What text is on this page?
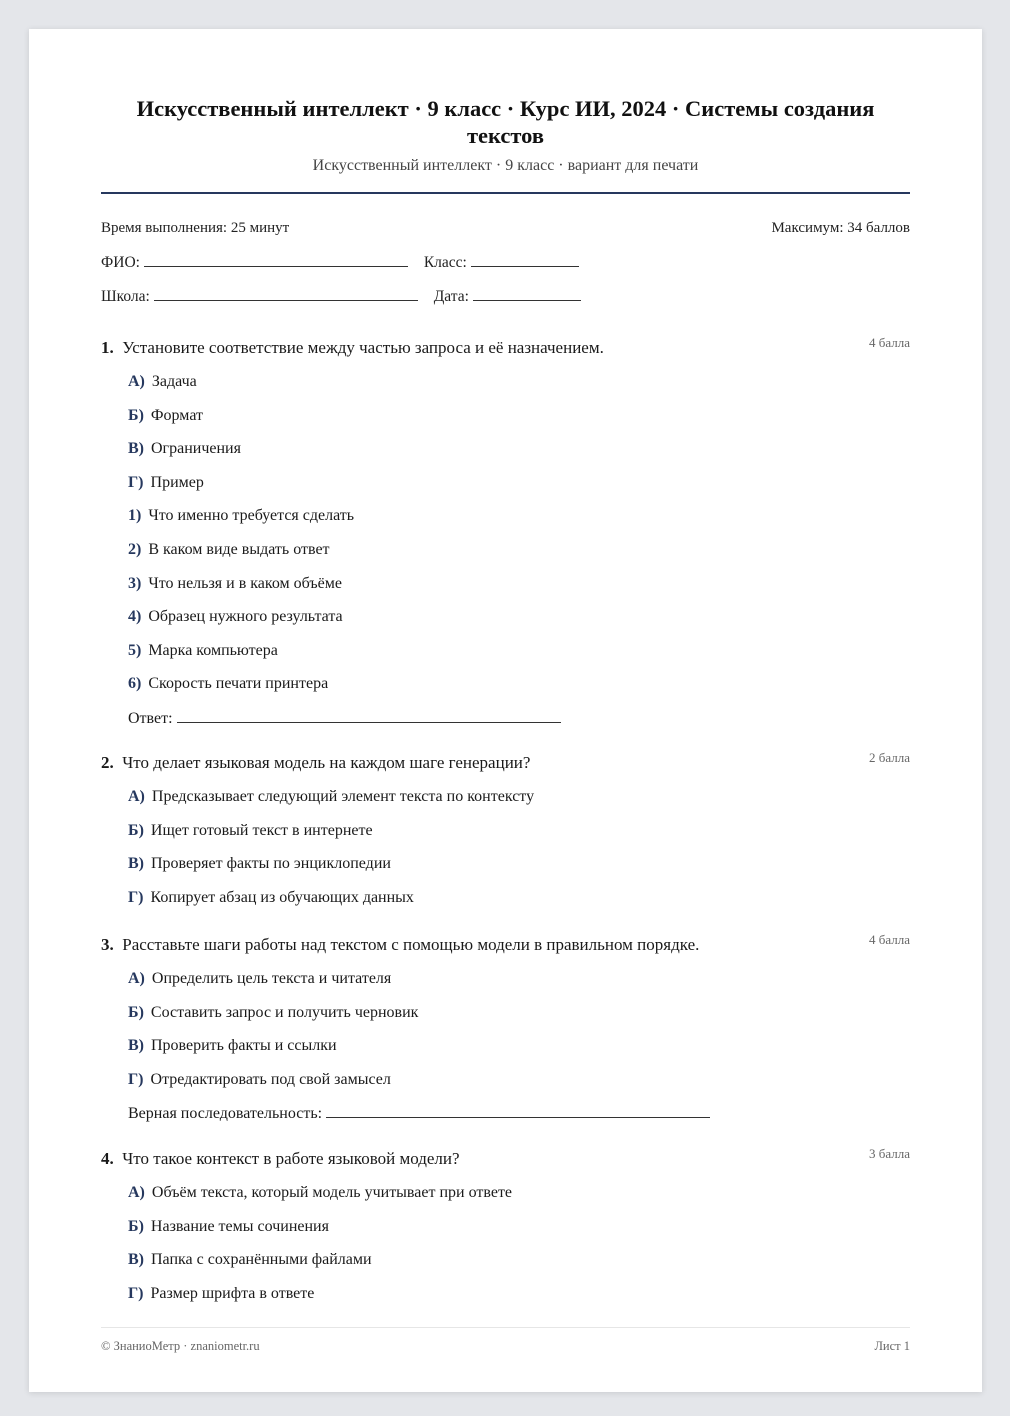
Искусственный интеллект · 9 класс · Курс ИИ, 2024 · Системы создания текстов
Искусственный интеллект · 9 класс · вариант для печати
Время выполнения: 25 минут	Максимум: 34 баллов
ФИО:	Класс:
Школа:	Дата:
1. Установите соответствие между частью запроса и её назначением.	4 балла
А) Задача
Б) Формат
В) Ограничения
Г) Пример
1) Что именно требуется сделать
2) В каком виде выдать ответ
3) Что нельзя и в каком объёме
4) Образец нужного результата
5) Марка компьютера
6) Скорость печати принтера
Ответ:
2. Что делает языковая модель на каждом шаге генерации?	2 балла
А) Предсказывает следующий элемент текста по контексту
Б) Ищет готовый текст в интернете
В) Проверяет факты по энциклопедии
Г) Копирует абзац из обучающих данных
3. Расставьте шаги работы над текстом с помощью модели в правильном порядке.	4 балла
А) Определить цель текста и читателя
Б) Составить запрос и получить черновик
В) Проверить факты и ссылки
Г) Отредактировать под свой замысел
Верная последовательность:
4. Что такое контекст в работе языковой модели?	3 балла
А) Объём текста, который модель учитывает при ответе
Б) Название темы сочинения
В) Папка с сохранёнными файлами
Г) Размер шрифта в ответе
© ЗнаниоМетр · znaniometr.ru	Лист 1
